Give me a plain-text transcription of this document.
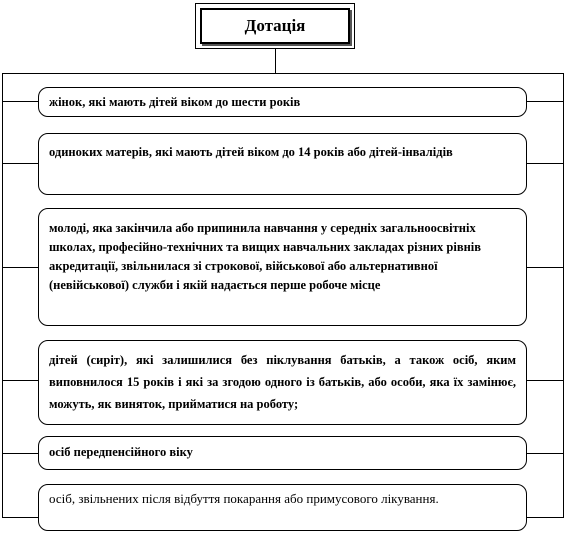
Дотація
жінок, які мають дітей віком до шести років
одиноких матерів, які мають дітей віком до 14 років або дітей-інвалідів
молоді, яка закінчила або припинила навчання у середніх загальноосвітніх школах, професійно-технічних та вищих навчальних закладах різних рівнів акредитації, звільнилася зі строкової, військової або альтернативної (невійськової) служби і якій надається перше робоче місце
дітей (сиріт), які залишилися без піклування батьків, а також осіб, яким виповнилося 15 років і які за згодою одного із батьків, або особи, яка їх замінює, можуть, як виняток, прийматися на роботу;
осіб передпенсійного віку
осіб, звільнених після відбуття покарання або примусового лікування.
